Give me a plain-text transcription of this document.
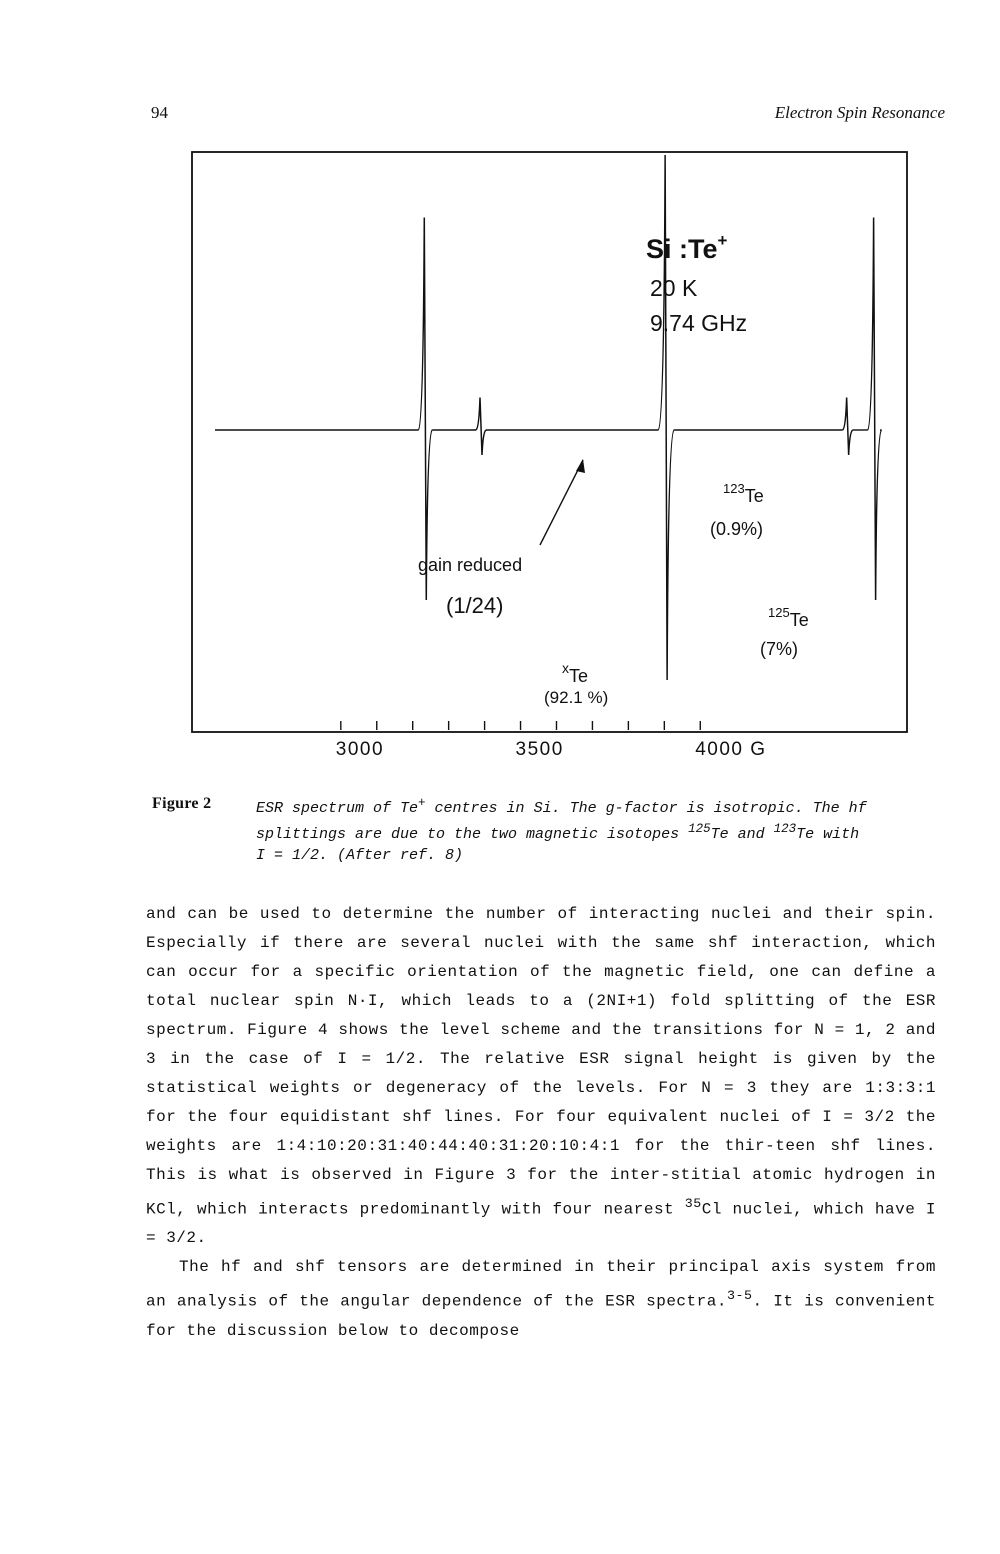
94	Electron Spin Resonance
3000	3500	4000 G
Si :Te+
20 K
9.74 GHz
$^{123}$Te
(0.9%)
gain reduced
(1/24)	$^{125}$Te
(7%)
$^x$Te
(92.1 %)
Figure 2	ESR spectrum of Te+ centres in Si. The g-factor is isotropic. The hf
splittings are due to the two magnetic isotopes $^{125}$Te and $^{123}$Te with
I = 1/2. (After ref. 8)

and can be used to determine the number of interacting nuclei and their spin. Especially if there are several nuclei with the same shf interaction, which can occur for a specific orientation of the magnetic field, one can define a total nuclear spin N·I, which leads to a (2NI+1) fold splitting of the ESR spectrum. Figure 4 shows the level scheme and the transitions for N = 1, 2 and 3 in the case of I = 1/2. The relative ESR signal height is given by the statistical weights or degeneracy of the levels. For N = 3 they are 1:3:3:1 for the four equidistant shf lines. For four equivalent nuclei of I = 3/2 the weights are 1:4:10:20:31:40:44:40:31:20:10:4:1 for the thir-teen shf lines. This is what is observed in Figure 3 for the inter-stitial atomic hydrogen in KCl, which interacts predominantly with four nearest $^{35}$Cl nuclei, which have I = 3/2.

The hf and shf tensors are determined in their principal axis system from an analysis of the angular dependence of the ESR spectra.$^{3-5}$. It is convenient for the discussion below to decompose
